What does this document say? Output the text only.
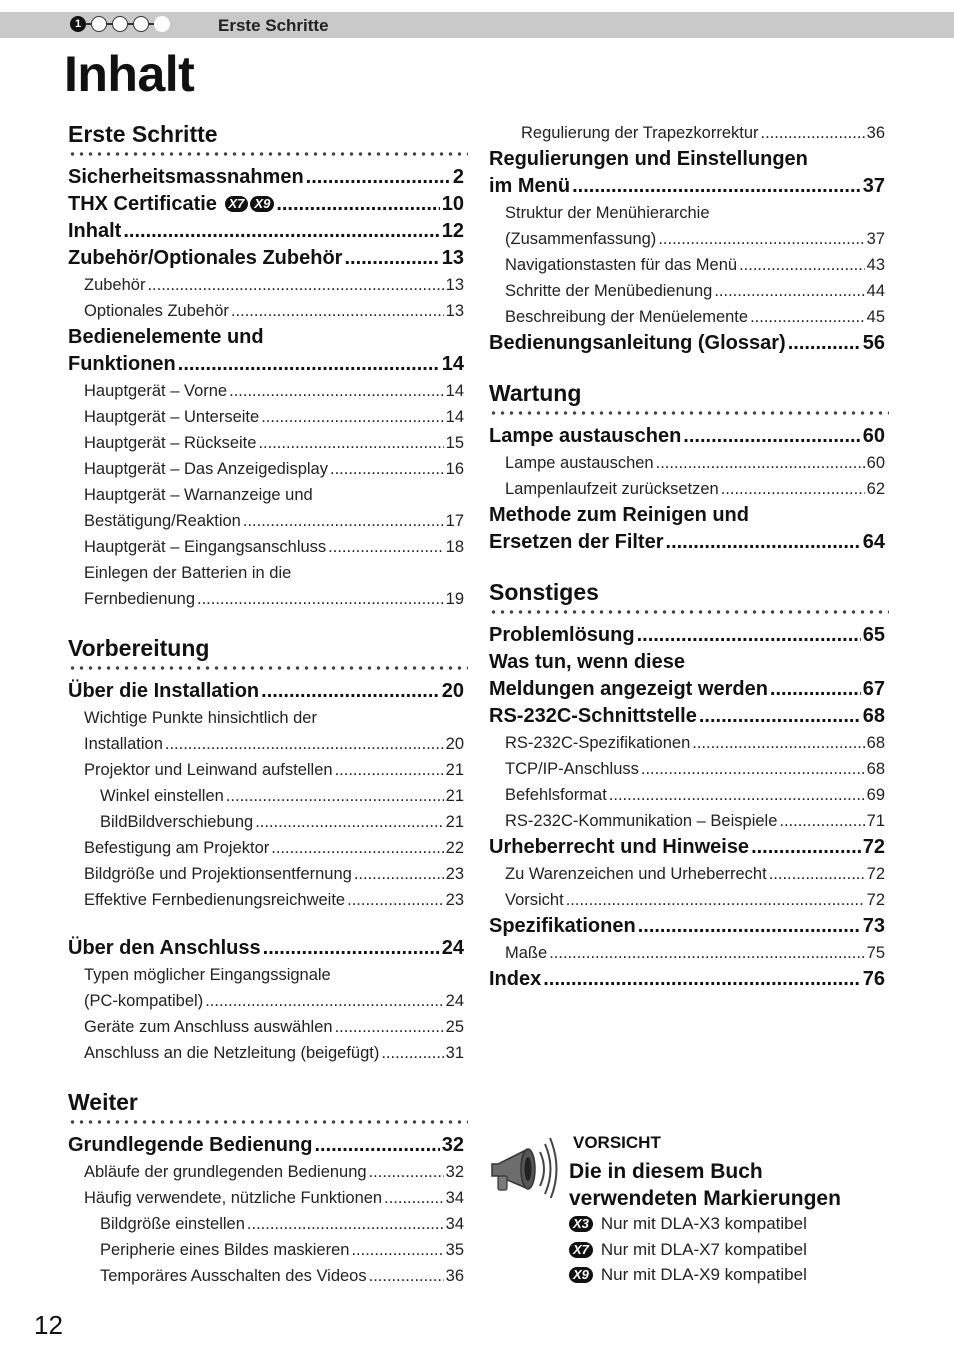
1	Erste Schritte
Inhalt
Erste Schritte
Sicherheitsmassnahmen .....	2
THX Certificatie X7 X9 .....	10
Inhalt .....	12
Zubehör/Optionales Zubehör .....	13
Zubehör .....	13
Optionales Zubehör .....	13
Bedienelemente und
Funktionen .....	14
Hauptgerät – Vorne .....	14
Hauptgerät – Unterseite .....	14
Hauptgerät – Rückseite .....	15
Hauptgerät – Das Anzeigedisplay .....	16
Hauptgerät – Warnanzeige und
Bestätigung/Reaktion .....	17
Hauptgerät – Eingangsanschluss .....	18
Einlegen der Batterien in die
Fernbedienung .....	19
Vorbereitung
Über die Installation .....	20
Wichtige Punkte hinsichtlich der
Installation .....	20
Projektor und Leinwand aufstellen .....	21
Winkel einstellen .....	21
BildBildverschiebung .....	21
Befestigung am Projektor .....	22
Bildgröße und Projektionsentfernung .....	23
Effektive Fernbedienungsreichweite .....	23
Über den Anschluss .....	24
Typen möglicher Eingangssignale
(PC-kompatibel) .....	24
Geräte zum Anschluss auswählen .....	25
Anschluss an die Netzleitung (beigefügt) .....	31
Weiter
Grundlegende Bedienung .....	32
Abläufe der grundlegenden Bedienung .....	32
Häufig verwendete, nützliche Funktionen .....	34
Bildgröße einstellen .....	34
Peripherie eines Bildes maskieren .....	35
Temporäres Ausschalten des Videos .....	36
Regulierung der Trapezkorrektur .....	36
Regulierungen und Einstellungen
im Menü .....	37
Struktur der Menühierarchie
(Zusammenfassung) .....	37
Navigationstasten für das Menü .....	43
Schritte der Menübedienung .....	44
Beschreibung der Menüelemente .....	45
Bedienungsanleitung (Glossar) .....	56
Wartung
Lampe austauschen .....	60
Lampe austauschen .....	60
Lampenlaufzeit zurücksetzen .....	62
Methode zum Reinigen und
Ersetzen der Filter .....	64
Sonstiges
Problemlösung .....	65
Was tun, wenn diese
Meldungen angezeigt werden .....	67
RS-232C-Schnittstelle .....	68
RS-232C-Spezifikationen .....	68
TCP/IP-Anschluss .....	68
Befehlsformat .....	69
RS-232C-Kommunikation – Beispiele .....	71
Urheberrecht und Hinweise .....	72
Zu Warenzeichen und Urheberrecht .....	72
Vorsicht .....	72
Spezifikationen .....	73
Maße .....	75
Index .....	76
VORSICHT
Die in diesem Buch
verwendeten Markierungen
X3 Nur mit DLA-X3 kompatibel
X7 Nur mit DLA-X7 kompatibel
X9 Nur mit DLA-X9 kompatibel
12
